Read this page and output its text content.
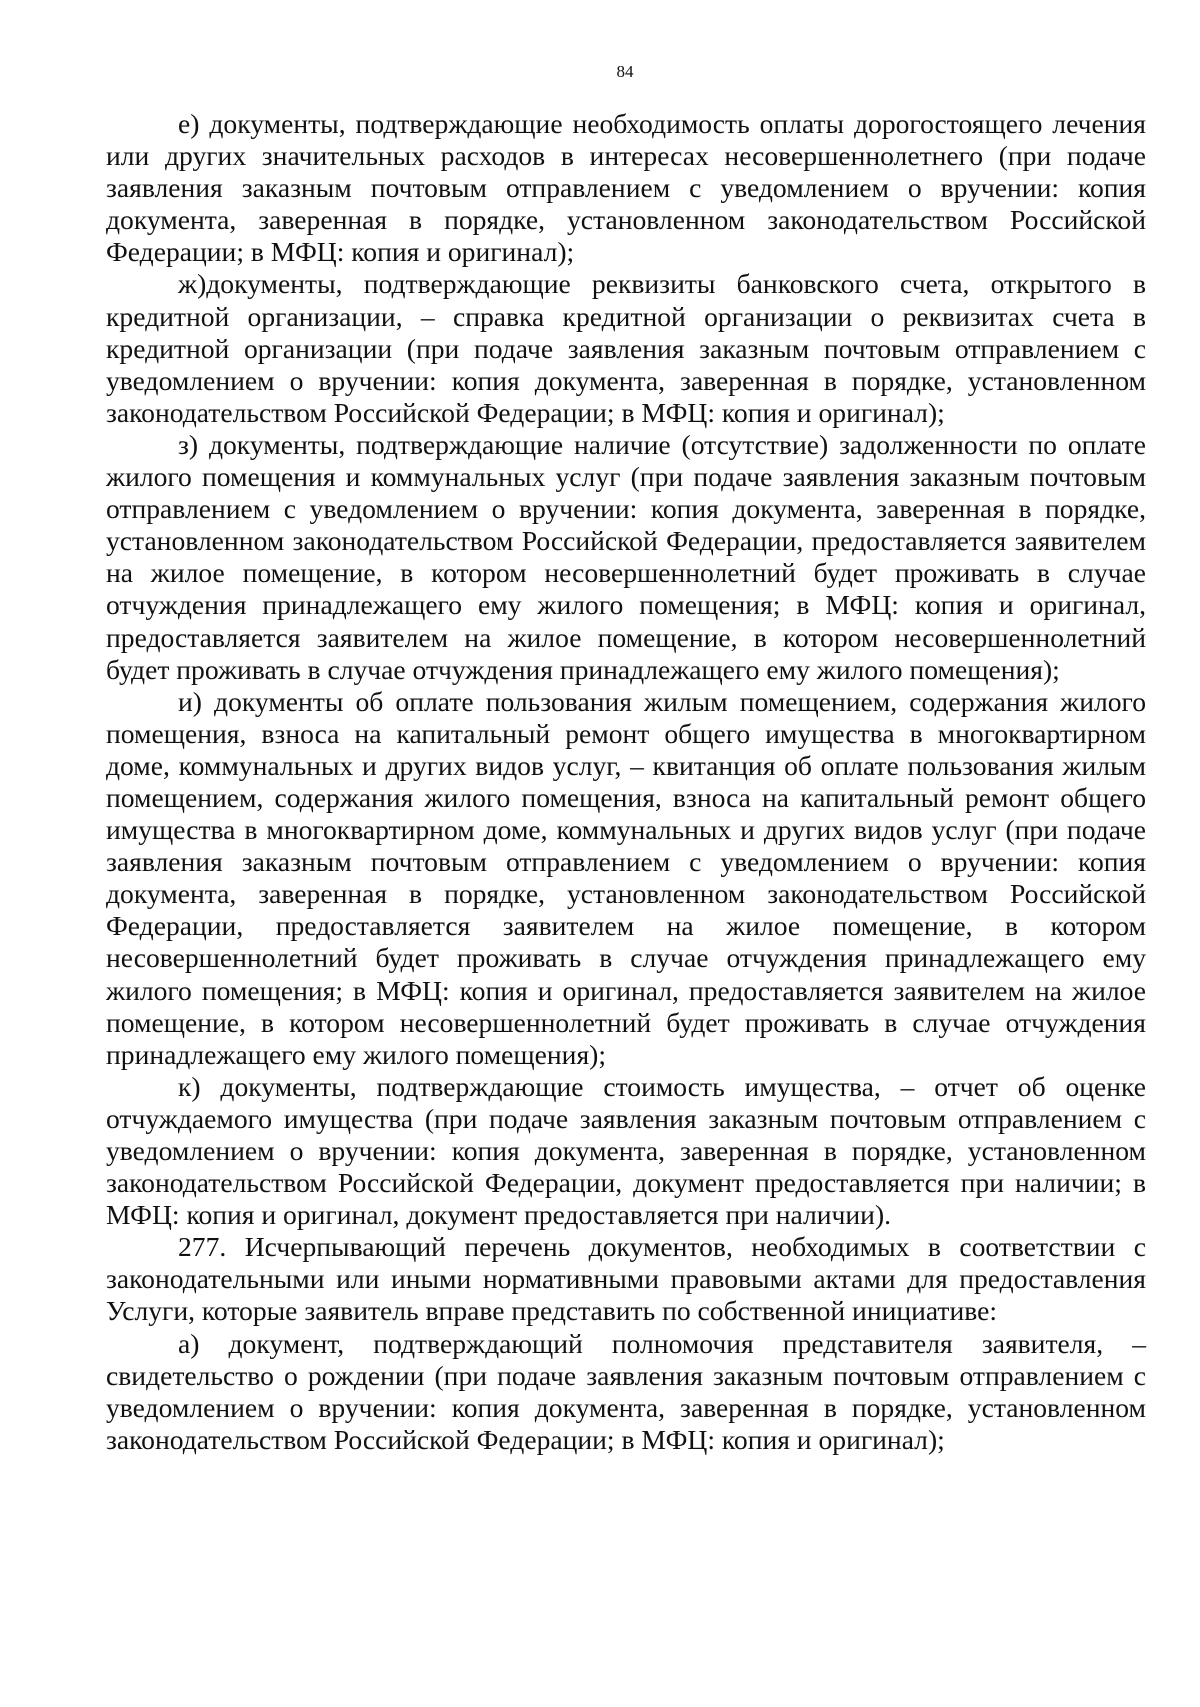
84

е) документы, подтверждающие необходимость оплаты дорогостоящего лечения или других значительных расходов в интересах несовершеннолетнего (при подаче заявления заказным почтовым отправлением с уведомлением о вручении: копия документа, заверенная в порядке, установленном законодательством Российской Федерации; в МФЦ: копия и оригинал);

ж)документы, подтверждающие реквизиты банковского счета, открытого в кредитной организации, – справка кредитной организации о реквизитах счета в кредитной организации (при подаче заявления заказным почтовым отправлением с уведомлением о вручении: копия документа, заверенная в порядке, установленном законодательством Российской Федерации; в МФЦ: копия и оригинал);

з) документы, подтверждающие наличие (отсутствие) задолженности по оплате жилого помещения и коммунальных услуг (при подаче заявления заказным почтовым отправлением с уведомлением о вручении: копия документа, заверенная в порядке, установленном законодательством Российской Федерации, предоставляется заявителем на жилое помещение, в котором несовершеннолетний будет проживать в случае отчуждения принадлежащего ему жилого помещения; в МФЦ: копия и оригинал, предоставляется заявителем на жилое помещение, в котором несовершеннолетний будет проживать в случае отчуждения принадлежащего ему жилого помещения);

и) документы об оплате пользования жилым помещением, содержания жилого помещения, взноса на капитальный ремонт общего имущества в многоквартирном доме, коммунальных и других видов услуг, – квитанция об оплате пользования жилым помещением, содержания жилого помещения, взноса на капитальный ремонт общего имущества в многоквартирном доме, коммунальных и других видов услуг (при подаче заявления заказным почтовым отправлением с уведомлением о вручении: копия документа, заверенная в порядке, установленном законодательством Российской Федерации, предоставляется заявителем на жилое помещение, в котором несовершеннолетний будет проживать в случае отчуждения принадлежащего ему жилого помещения; в МФЦ: копия и оригинал, предоставляется заявителем на жилое помещение, в котором несовершеннолетний будет проживать в случае отчуждения принадлежащего ему жилого помещения);

к) документы, подтверждающие стоимость имущества, – отчет об оценке отчуждаемого имущества (при подаче заявления заказным почтовым отправлением с уведомлением о вручении: копия документа, заверенная в порядке, установленном законодательством Российской Федерации, документ предоставляется при наличии; в МФЦ: копия и оригинал, документ предоставляется при наличии).

277. Исчерпывающий перечень документов, необходимых в соответствии с законодательными или иными нормативными правовыми актами для предоставления Услуги, которые заявитель вправе представить по собственной инициативе:

а) документ, подтверждающий полномочия представителя заявителя, – свидетельство о рождении (при подаче заявления заказным почтовым отправлением с уведомлением о вручении: копия документа, заверенная в порядке, установленном законодательством Российской Федерации; в МФЦ: копия и оригинал);
